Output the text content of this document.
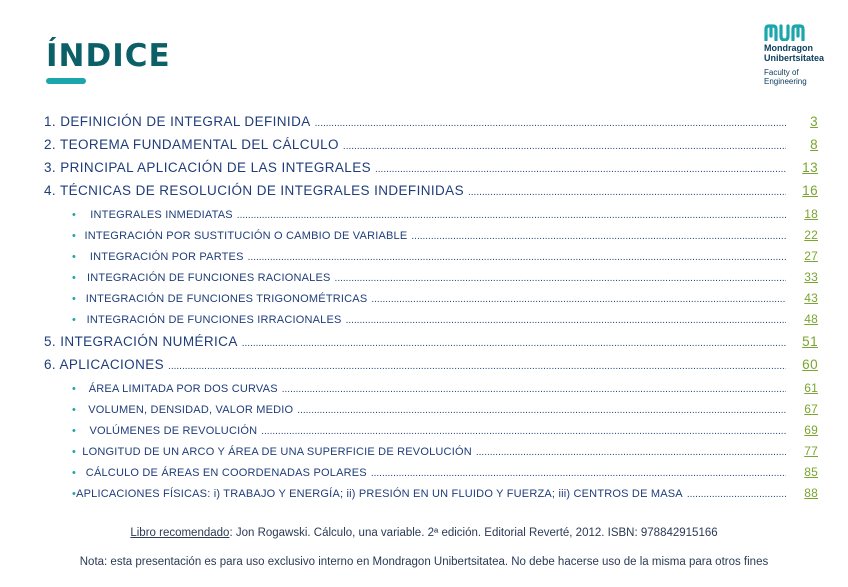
ÍNDICE	Mondragon
Unibertsitatea
Faculty of
Engineering
1. DEFINICIÓN DE INTEGRAL DEFINIDA .....	3
2. TEOREMA FUNDAMENTAL DEL CÁLCULO .....	8
3. PRINCIPAL APLICACIÓN DE LAS INTEGRALES .....	13
4. TÉCNICAS DE RESOLUCIÓN DE INTEGRALES INDEFINIDAS .....	16
•	INTEGRALES INMEDIATAS .....	18
• INTEGRACIÓN POR SUSTITUCIÓN O CAMBIO DE VARIABLE .....	22
•	INTEGRACIÓN POR PARTES .....	27
• INTEGRACIÓN DE FUNCIONES RACIONALES .....	33
• INTEGRACIÓN DE FUNCIONES TRIGONOMÉTRICAS .....	43
• INTEGRACIÓN DE FUNCIONES IRRACIONALES .....	48
5. INTEGRACIÓN NUMÉRICA .....	51
6. APLICACIONES .....	60
•	ÁREA LIMITADA POR DOS CURVAS .....	61
•	VOLUMEN, DENSIDAD, VALOR MEDIO .....	67
•	VOLÚMENES DE REVOLUCIÓN .....	69
• LONGITUD DE UN ARCO Y ÁREA DE UNA SUPERFICIE DE REVOLUCIÓN .....	77
• CÁLCULO DE ÁREAS EN COORDENADAS POLARES .....	85
• APLICACIONES FÍSICAS: i) TRABAJO Y ENERGÍA; ii) PRESIÓN EN UN FLUIDO Y FUERZA; iii) CENTROS DE MASA .....	88
Libro recomendado: Jon Rogawski. Cálculo, una variable. 2ª edición. Editorial Reverté, 2012. ISBN: 978842915166
Nota: esta presentación es para uso exclusivo interno en Mondragon Unibertsitatea. No debe hacerse uso de la misma para otros fines
